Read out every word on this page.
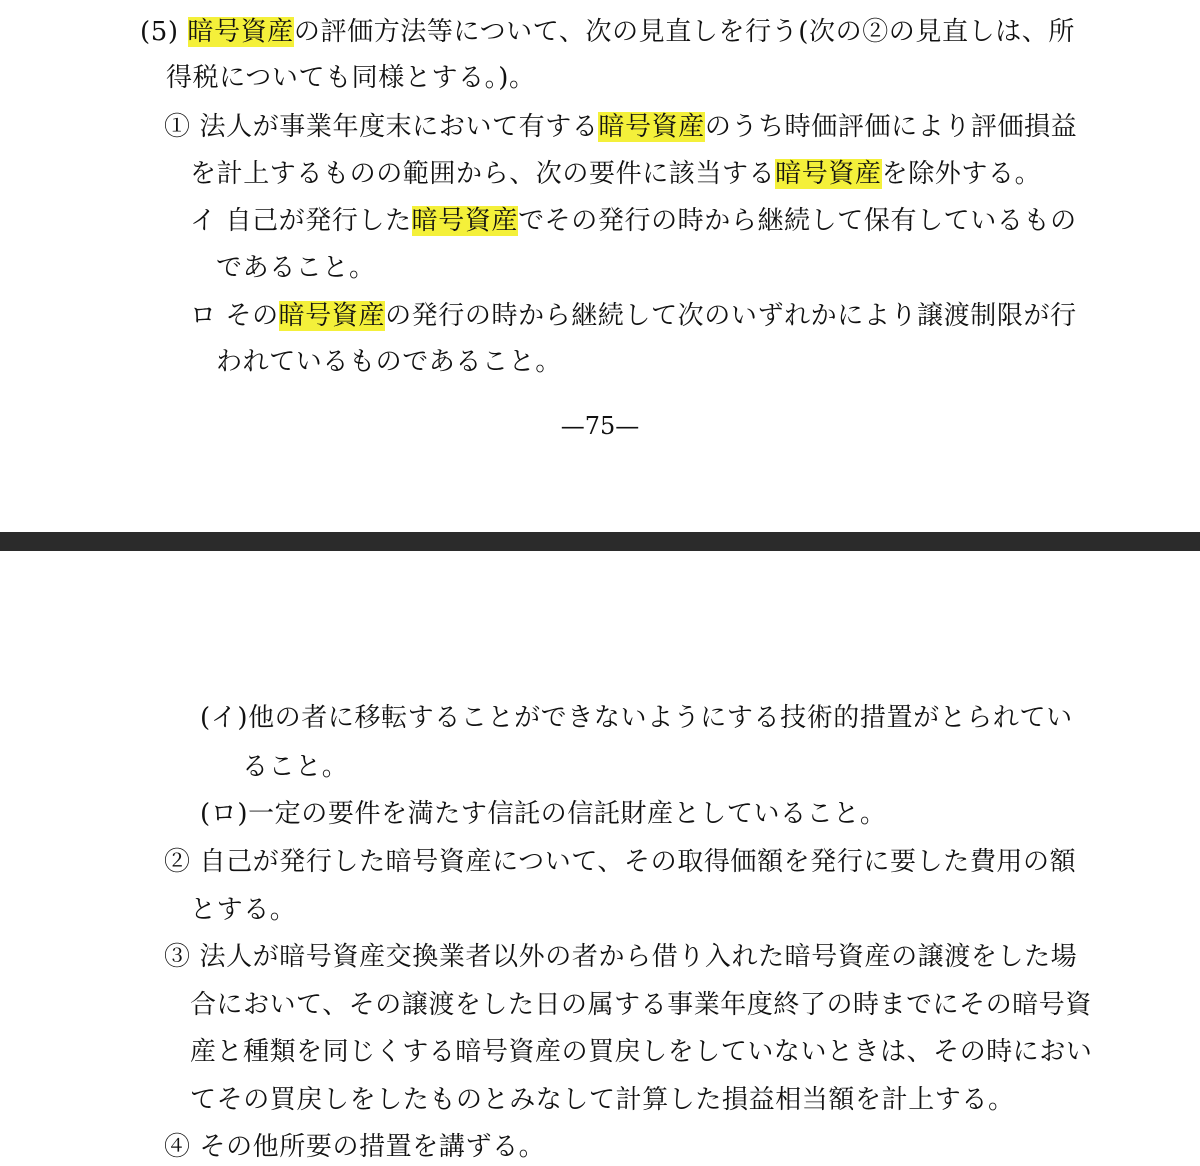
(5) 暗号資産の評価方法等について、次の見直しを行う(次の②の見直しは、所
得税についても同様とする。)。
① 法人が事業年度末において有する暗号資産のうち時価評価により評価損益
を計上するものの範囲から、次の要件に該当する暗号資産を除外する。
イ 自己が発行した暗号資産でその発行の時から継続して保有しているもの
であること。
ロ その暗号資産の発行の時から継続して次のいずれかにより譲渡制限が行
われているものであること。
—75—
(イ)他の者に移転することができないようにする技術的措置がとられてい
ること。
(ロ)一定の要件を満たす信託の信託財産としていること。
② 自己が発行した暗号資産について、その取得価額を発行に要した費用の額
とする。
③ 法人が暗号資産交換業者以外の者から借り入れた暗号資産の譲渡をした場
合において、その譲渡をした日の属する事業年度終了の時までにその暗号資
産と種類を同じくする暗号資産の買戻しをしていないときは、その時におい
てその買戻しをしたものとみなして計算した損益相当額を計上する。
④ その他所要の措置を講ずる。
